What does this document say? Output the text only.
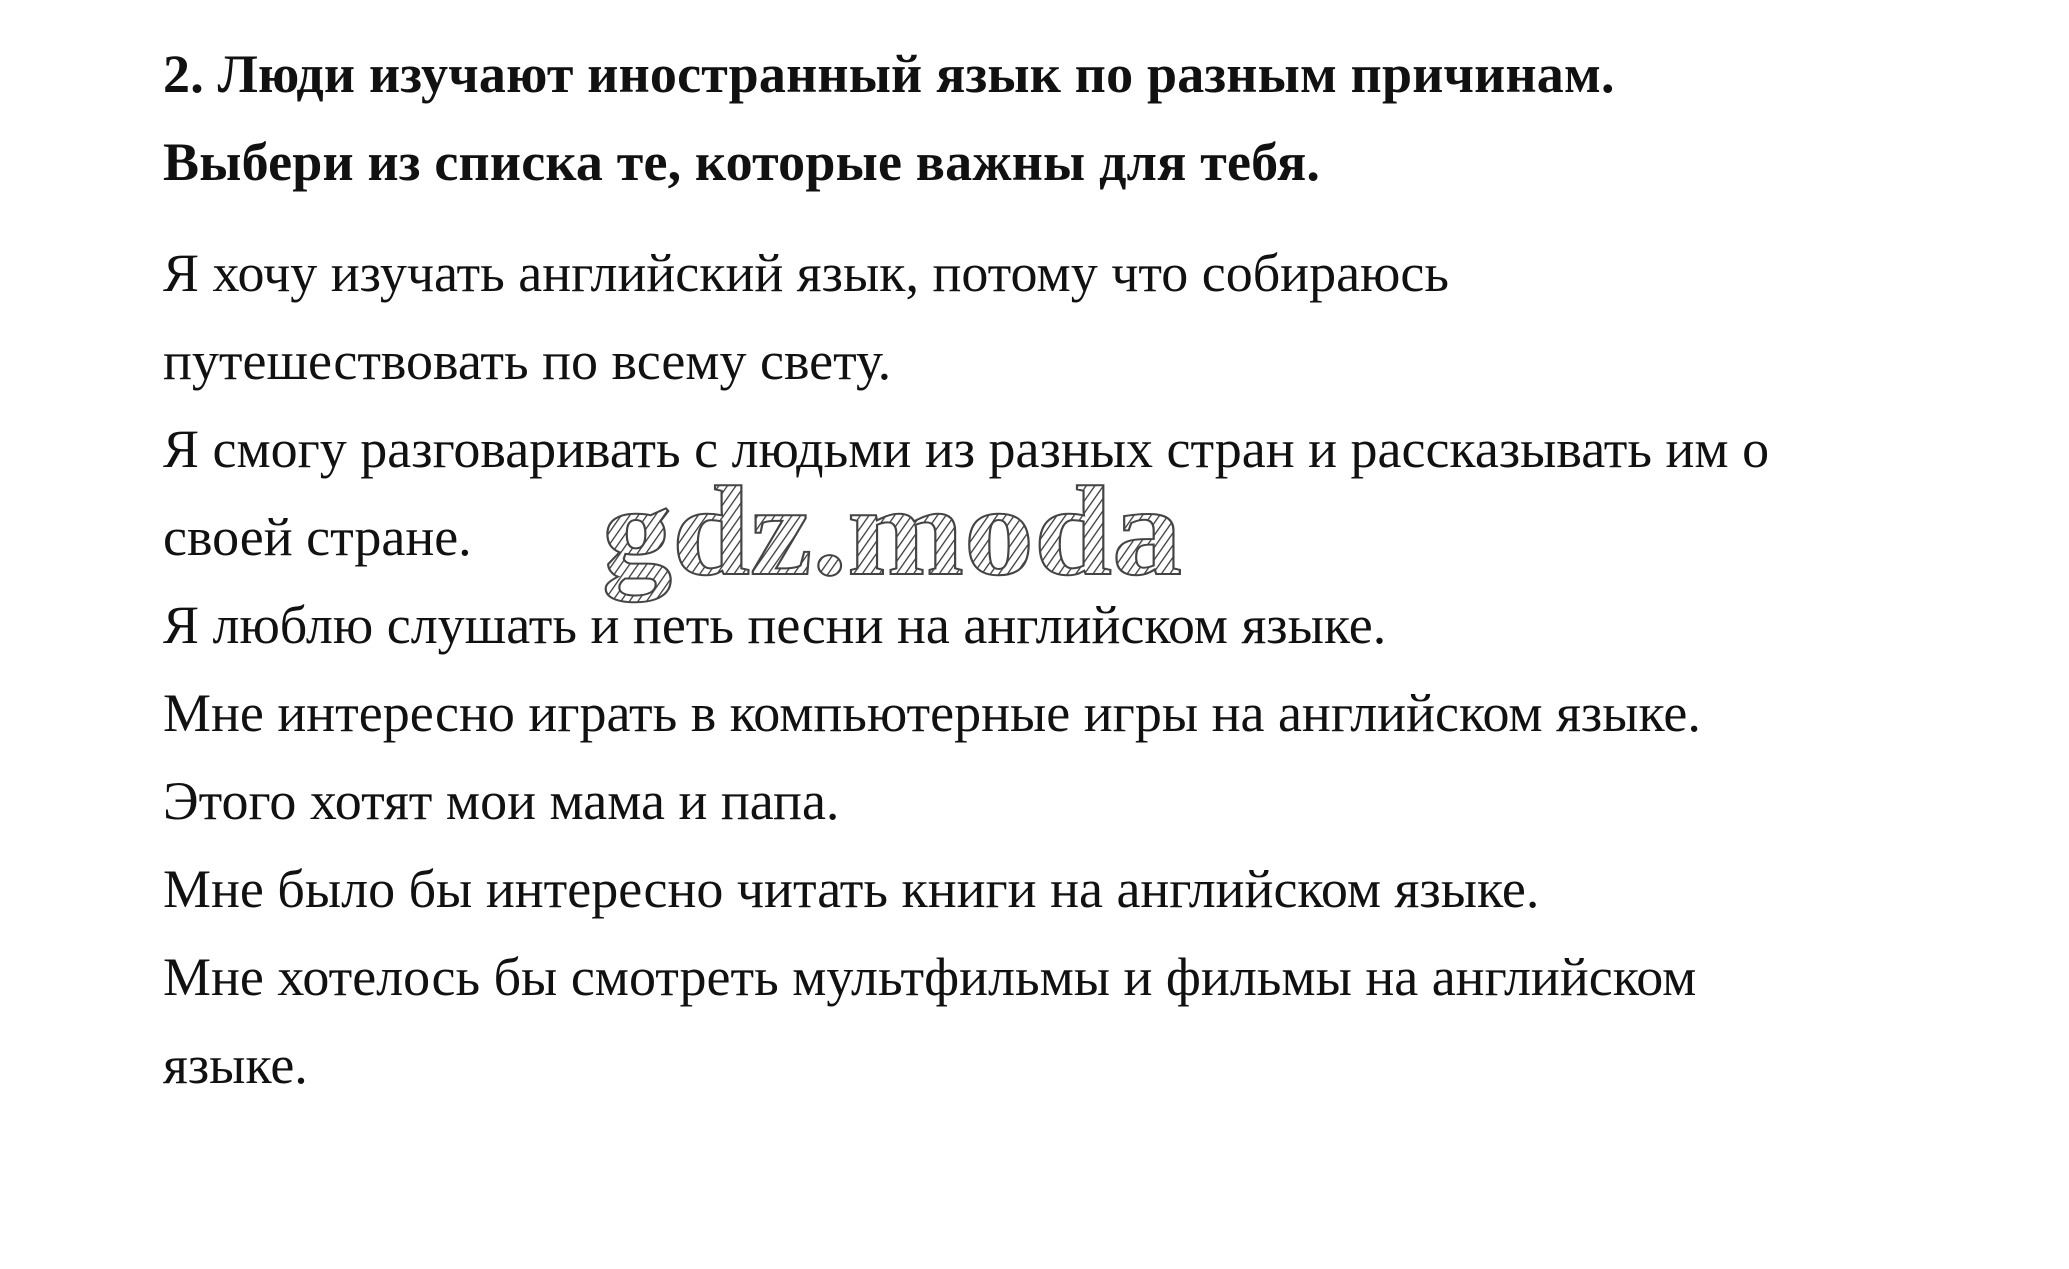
2. Люди изучают иностранный язык по разным причинам.
Выбери из списка те, которые важны для тебя.
Я хочу изучать английский язык, потому что собираюсь
путешествовать по всему свету.
Я смогу разговаривать с людьми из разных стран и рассказывать им о
своей стране.
Я люблю слушать и петь песни на английском языке.
Мне интересно играть в компьютерные игры на английском языке.
Этого хотят мои мама и папа.
Мне было бы интересно читать книги на английском языке.
Мне хотелось бы смотреть мультфильмы и фильмы на английском
языке.
gdz.moda
